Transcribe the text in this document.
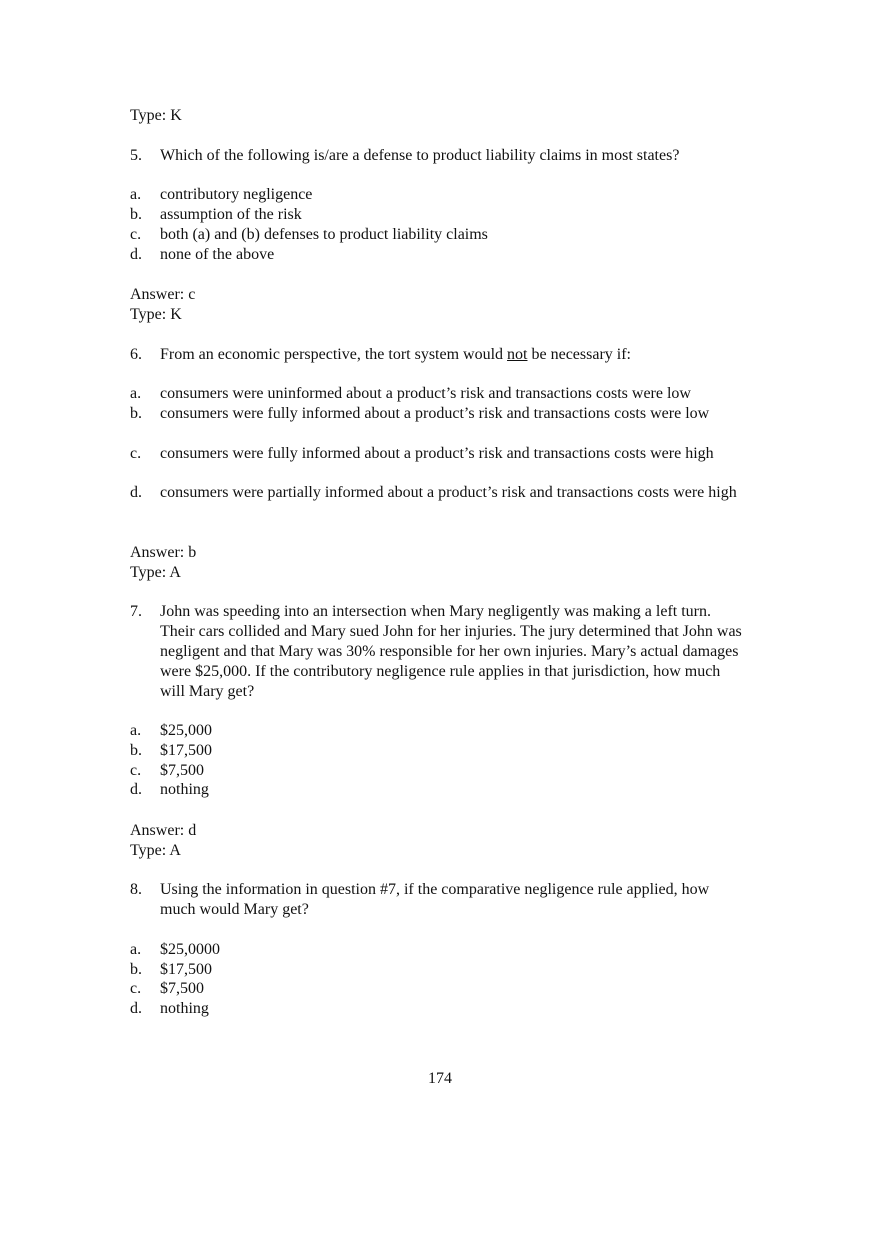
Type: K
5. Which of the following is/are a defense to product liability claims in most states?
a. contributory negligence
b. assumption of the risk
c. both (a) and (b) defenses to product liability claims
d. none of the above
Answer: c
Type: K
6. From an economic perspective, the tort system would not be necessary if:
a. consumers were uninformed about a product’s risk and transactions costs were low
b. consumers were fully informed about a product’s risk and transactions costs were low
c. consumers were fully informed about a product’s risk and transactions costs were high
d. consumers were partially informed about a product’s risk and transactions costs were high
Answer: b
Type: A
7. John was speeding into an intersection when Mary negligently was making a left turn. Their cars collided and Mary sued John for her injuries. The jury determined that John was negligent and that Mary was 30% responsible for her own injuries. Mary’s actual damages were $25,000. If the contributory negligence rule applies in that jurisdiction, how much will Mary get?
a. $25,000
b. $17,500
c. $7,500
d. nothing
Answer: d
Type: A
8. Using the information in question #7, if the comparative negligence rule applied, how much would Mary get?
a. $25,0000
b. $17,500
c. $7,500
d. nothing
174
